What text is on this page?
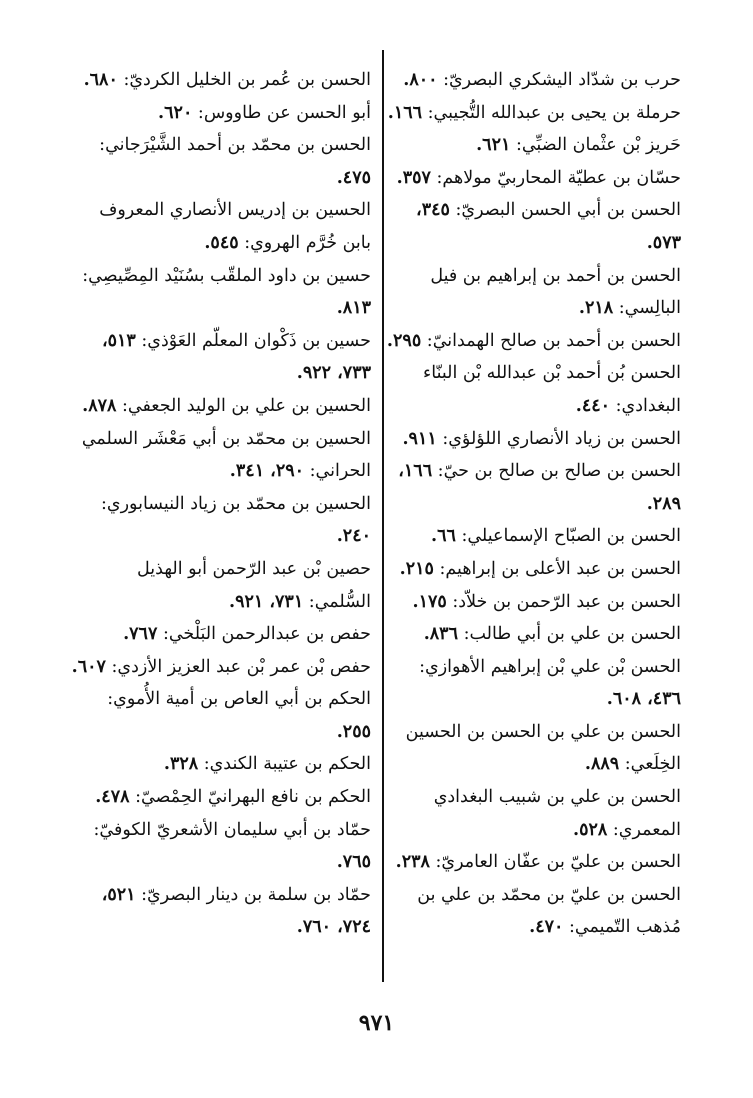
حرب بن شدّاد اليشكري البصريّ: ٨٠٠.

حرملة بن يحيى بن عبدالله التُّجيبي: ١٦٦.

حَريز بْن عثْمان الضبِّي: ٦٢١.

حسّان بن عطيّة المحاربيّ مولاهم: ٣٥٧.

الحسن بن أبي الحسن البصريّ: ٣٤٥، ٥٧٣.

الحسن بن أحمد بن إبراهيم بن فيل البالِسي: ٢١٨.

الحسن بن أحمد بن صالح الهمدانيّ: ٢٩٥.

الحسن بُن أحمد بْن عبدالله بْن البنّاء البغدادي: ٤٤٠.

الحسن بن زياد الأنصاري اللؤلؤي: ٩١١.

الحسن بن صالح بن صالح بن حيّ: ١٦٦، ٢٨٩.

الحسن بن الصبّاح الإسماعيلي: ٦٦.

الحسن بن عبد الأعلى بن إبراهيم: ٢١٥.

الحسن بن عبد الرّحمن بن خلاّد: ١٧٥.

الحسن بن علي بن أبي طالب: ٨٣٦.

الحسن بْن علي بْن إبراهيم الأهوازي: ٤٣٦، ٦٠٨.

الحسن بن علي بن الحسن بن الحسين الخِلَعي: ٨٨٩.

الحسن بن علي بن شبيب البغدادي المعمري: ٥٢٨.

الحسن بن عليّ بن عفّان العامريّ: ٢٣٨.

الحسن بن عليّ بن محمّد بن علي بن مُذهب التّميمي: ٤٧٠.

الحسن بن عُمر بن الخليل الكرديّ: ٦٨٠.

أبو الحسن عن طاووس: ٦٢٠.

الحسن بن محمّد بن أحمد الشَّيْرَجاني: ٤٧٥.

الحسين بن إدريس الأنصاري المعروف بابن خُرَّم الهروي: ٥٤٥.

حسين بن داود الملقّب بسُنَيْد المِصِّيصِي: ٨١٣.

حسين بن ذَكْوان المعلّم العَوْذي: ٥١٣، ٧٣٣، ٩٢٢.

الحسين بن علي بن الوليد الجعفي: ٨٧٨.

الحسين بن محمّد بن أبي مَعْشَر السلمي الحراني: ٢٩٠، ٣٤١.

الحسين بن محمّد بن زياد النيسابوري: ٢٤٠.

حصين بْن عبد الرّحمن أبو الهذيل السُّلمي: ٧٣١، ٩٢١.

حفص بن عبدالرحمن البَلْخي: ٧٦٧.

حفص بْن عمر بْن عبد العزيز الأزدي: ٦٠٧.

الحكم بن أبي العاص بن أمية الأُموي: ٢٥٥.

الحكم بن عتيبة الكندي: ٣٢٨.

الحكم بن نافع البهرانيّ الحِمْصيّ: ٤٧٨.

حمّاد بن أبي سليمان الأشعريّ الكوفيّ: ٧٦٥.

حمّاد بن سلمة بن دينار البصريّ: ٥٢١، ٧٢٤، ٧٦٠.

٩٧١
